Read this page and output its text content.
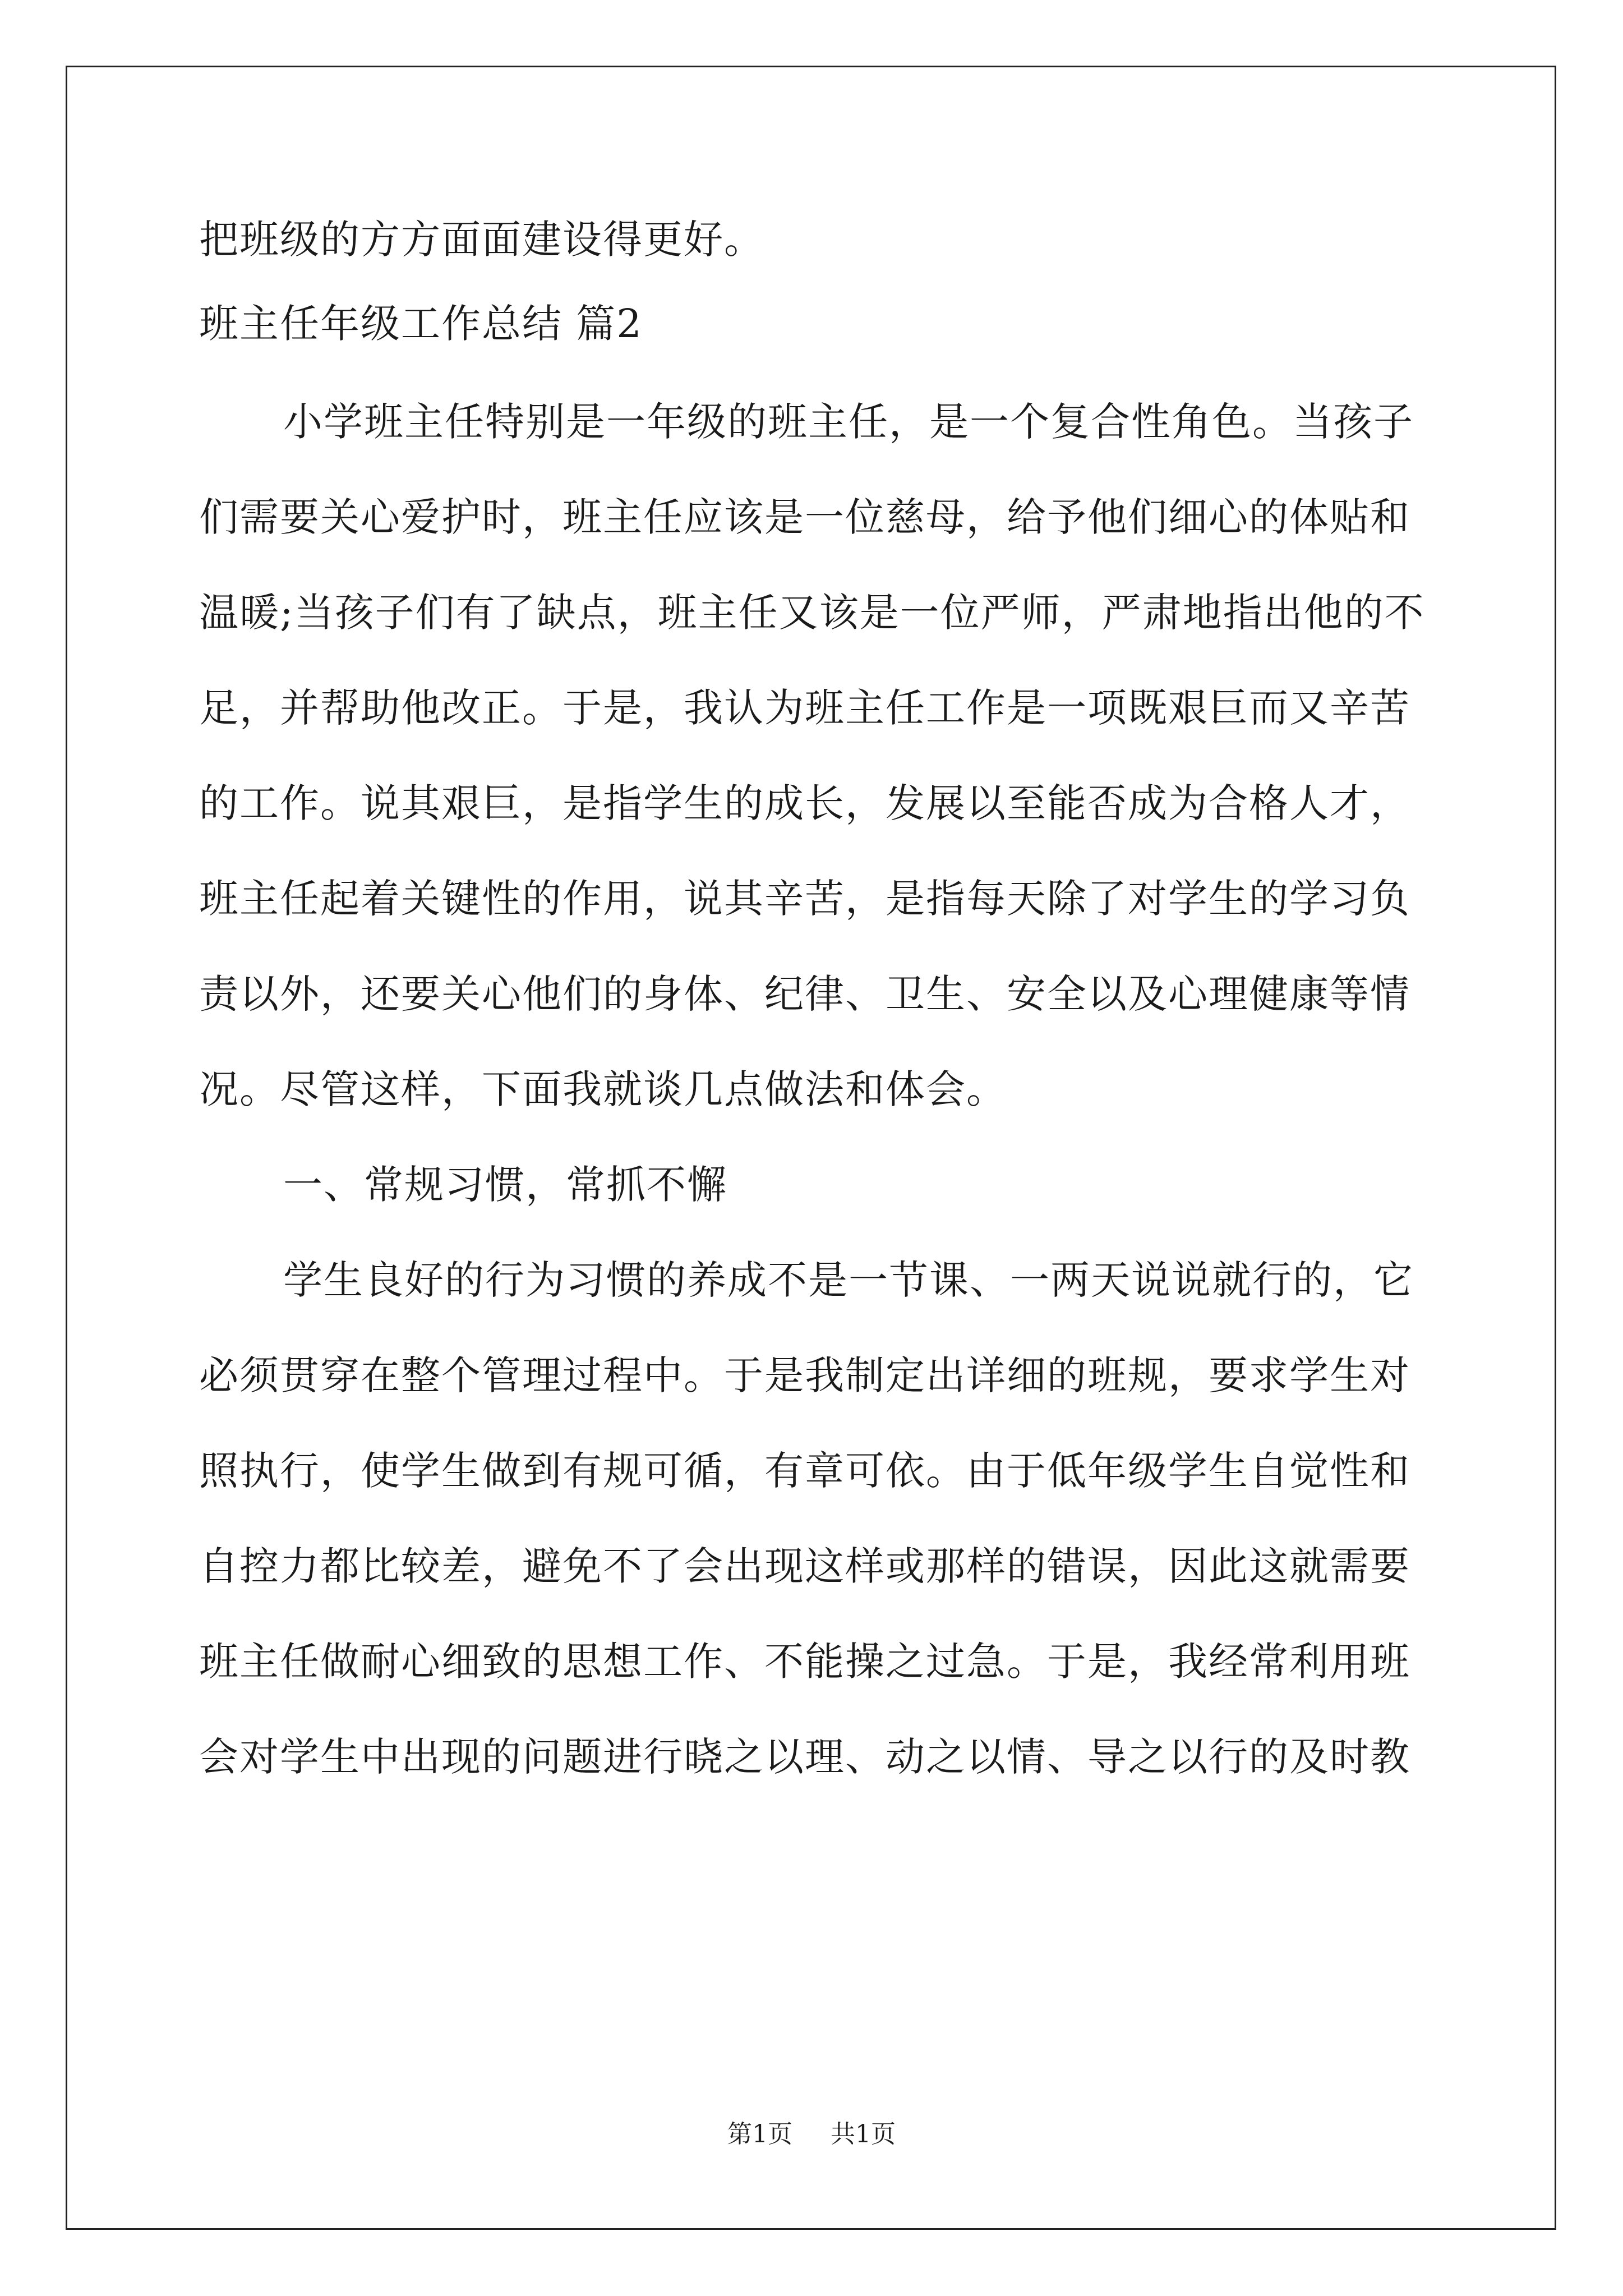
把班级的方方面面建设得更好。
班主任年级工作总结 篇2
小学班主任特别是一年级的班主任，是一个复合性角色。当孩子
们需要关心爱护时，班主任应该是一位慈母，给予他们细心的体贴和
温暖;当孩子们有了缺点，班主任又该是一位严师，严肃地指出他的不
足，并帮助他改正。于是，我认为班主任工作是一项既艰巨而又辛苦
的工作。说其艰巨，是指学生的成长，发展以至能否成为合格人才，
班主任起着关键性的作用，说其辛苦，是指每天除了对学生的学习负
责以外，还要关心他们的身体、纪律、卫生、安全以及心理健康等情
况。尽管这样，下面我就谈几点做法和体会。
一、常规习惯，常抓不懈
学生良好的行为习惯的养成不是一节课、一两天说说就行的，它
必须贯穿在整个管理过程中。于是我制定出详细的班规，要求学生对
照执行，使学生做到有规可循，有章可依。由于低年级学生自觉性和
自控力都比较差，避免不了会出现这样或那样的错误，因此这就需要
班主任做耐心细致的思想工作、不能操之过急。于是，我经常利用班
会对学生中出现的问题进行晓之以理、动之以情、导之以行的及时教
第1页 共1页
